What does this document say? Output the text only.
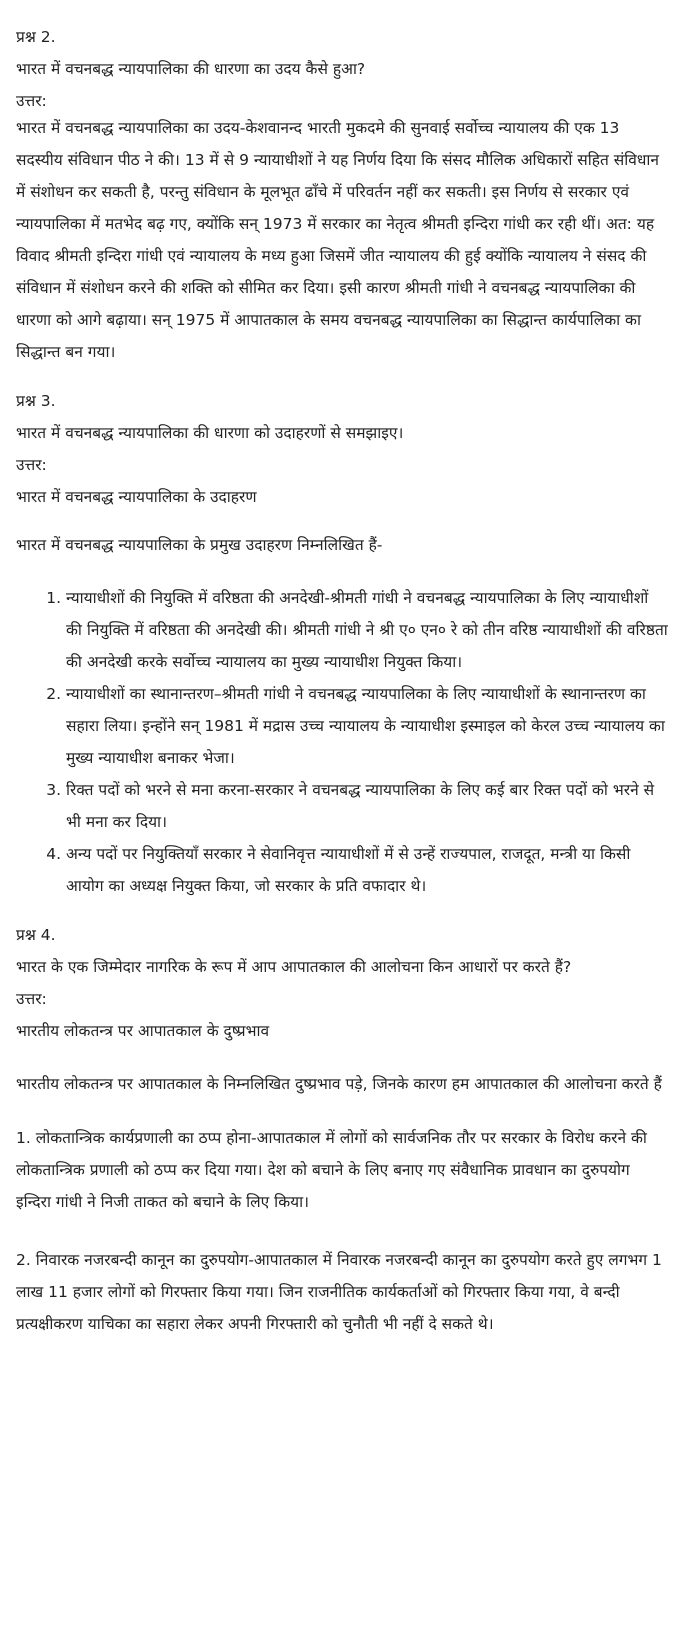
प्रश्न 2.

भारत में वचनबद्ध न्यायपालिका की धारणा का उदय कैसे हुआ?

उत्तर:

भारत में वचनबद्ध न्यायपालिका का उदय-केशवानन्द भारती मुकदमे की सुनवाई सर्वोच्च न्यायालय की एक 13 सदस्यीय संविधान पीठ ने की। 13 में से 9 न्यायाधीशों ने यह निर्णय दिया कि संसद मौलिक अधिकारों सहित संविधान में संशोधन कर सकती है, परन्तु संविधान के मूलभूत ढाँचे में परिवर्तन नहीं कर सकती। इस निर्णय से सरकार एवं न्यायपालिका में मतभेद बढ़ गए, क्योंकि सन् 1973 में सरकार का नेतृत्व श्रीमती इन्दिरा गांधी कर रही थीं। अत: यह विवाद श्रीमती इन्दिरा गांधी एवं न्यायालय के मध्य हुआ जिसमें जीत न्यायालय की हुई क्योंकि न्यायालय ने संसद की संविधान में संशोधन करने की शक्ति को सीमित कर दिया। इसी कारण श्रीमती गांधी ने वचनबद्ध न्यायपालिका की धारणा को आगे बढ़ाया। सन् 1975 में आपातकाल के समय वचनबद्ध न्यायपालिका का सिद्धान्त कार्यपालिका का सिद्धान्त बन गया।

प्रश्न 3.

भारत में वचनबद्ध न्यायपालिका की धारणा को उदाहरणों से समझाइए।

उत्तर:

भारत में वचनबद्ध न्यायपालिका के उदाहरण

भारत में वचनबद्ध न्यायपालिका के प्रमुख उदाहरण निम्नलिखित हैं-

1. न्यायाधीशों की नियुक्ति में वरिष्ठता की अनदेखी-श्रीमती गांधी ने वचनबद्ध न्यायपालिका के लिए न्यायाधीशों की नियुक्ति में वरिष्ठता की अनदेखी की। श्रीमती गांधी ने श्री ए० एन० रे को तीन वरिष्ठ न्यायाधीशों की वरिष्ठता की अनदेखी करके सर्वोच्च न्यायालय का मुख्य न्यायाधीश नियुक्त किया।
2. न्यायाधीशों का स्थानान्तरण–श्रीमती गांधी ने वचनबद्ध न्यायपालिका के लिए न्यायाधीशों के स्थानान्तरण का सहारा लिया। इन्होंने सन् 1981 में मद्रास उच्च न्यायालय के न्यायाधीश इस्माइल को केरल उच्च न्यायालय का मुख्य न्यायाधीश बनाकर भेजा।
3. रिक्त पदों को भरने से मना करना-सरकार ने वचनबद्ध न्यायपालिका के लिए कई बार रिक्त पदों को भरने से भी मना कर दिया।
4. अन्य पदों पर नियुक्तियाँ सरकार ने सेवानिवृत्त न्यायाधीशों में से उन्हें राज्यपाल, राजदूत, मन्त्री या किसी आयोग का अध्यक्ष नियुक्त किया, जो सरकार के प्रति वफादार थे।

प्रश्न 4.

भारत के एक जिम्मेदार नागरिक के रूप में आप आपातकाल की आलोचना किन आधारों पर करते हैं?

उत्तर:

भारतीय लोकतन्त्र पर आपातकाल के दुष्प्रभाव

भारतीय लोकतन्त्र पर आपातकाल के निम्नलिखित दुष्प्रभाव पड़े, जिनके कारण हम आपातकाल की आलोचना करते हैं

1. लोकतान्त्रिक कार्यप्रणाली का ठप्प होना-आपातकाल में लोगों को सार्वजनिक तौर पर सरकार के विरोध करने की लोकतान्त्रिक प्रणाली को ठप्प कर दिया गया। देश को बचाने के लिए बनाए गए संवैधानिक प्रावधान का दुरुपयोग इन्दिरा गांधी ने निजी ताकत को बचाने के लिए किया।

2. निवारक नजरबन्दी कानून का दुरुपयोग-आपातकाल में निवारक नजरबन्दी कानून का दुरुपयोग करते हुए लगभग 1 लाख 11 हजार लोगों को गिरफ्तार किया गया। जिन राजनीतिक कार्यकर्ताओं को गिरफ्तार किया गया, वे बन्दी प्रत्यक्षीकरण याचिका का सहारा लेकर अपनी गिरफ्तारी को चुनौती भी नहीं दे सकते थे।
